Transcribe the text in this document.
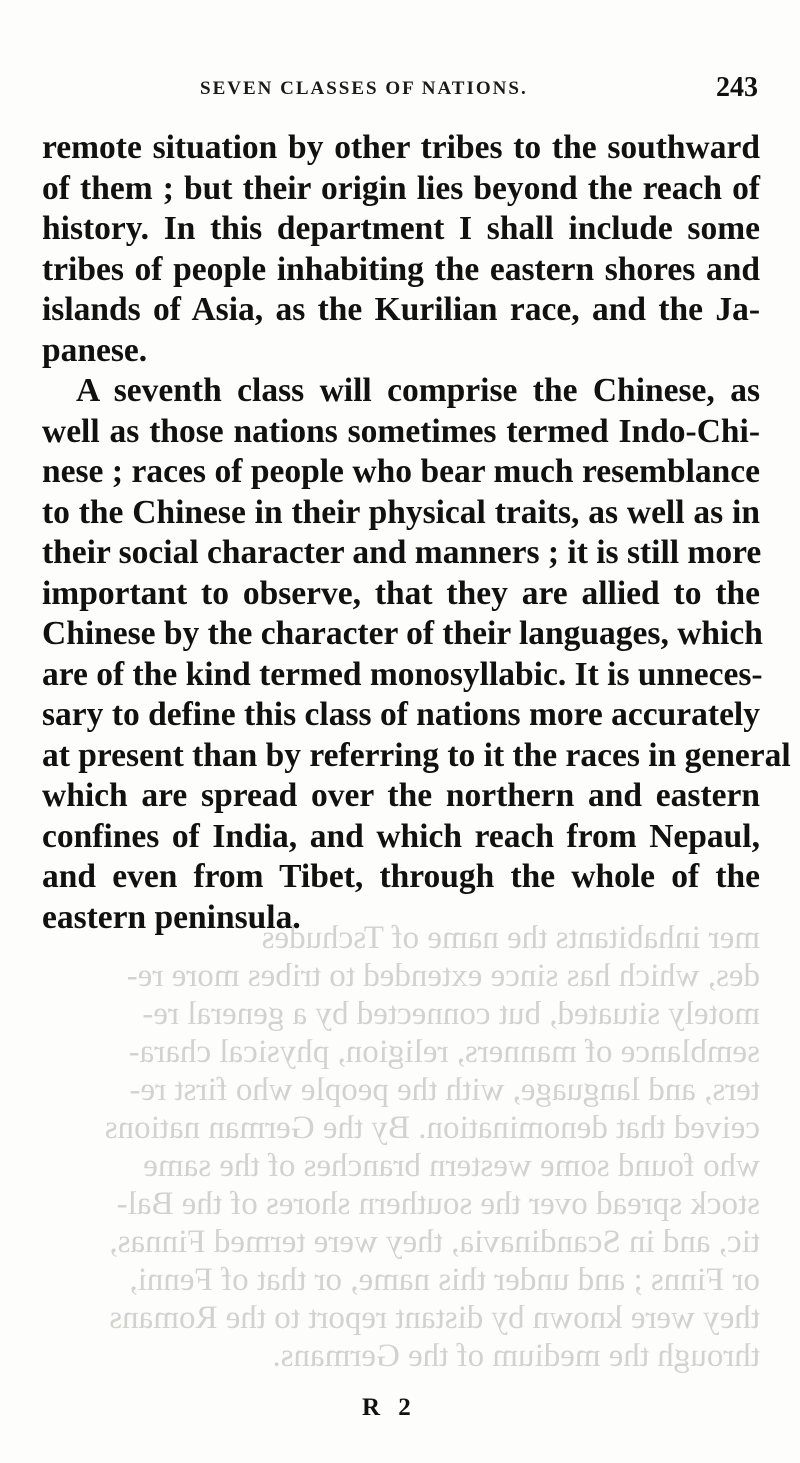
mer inhabitants the name of Tschudes
des, which has since extended to tribes more re-
motely situated, but connected by a general re-
semblance of manners, religion, physical chara-
ters, and language, with the people who first re-
ceived that denomination. By the German nations
who found some western branches of the same
stock spread over the southern shores of the Bal-
tic, and in Scandinavia, they were termed Finnas,
or Finns ; and under this name, or that of Fenni,
they were known by distant report to the Romans
through the medium of the Germans.
SEVEN CLASSES OF NATIONS.	243

remote situation by other tribes to the southward
of them ; but their origin lies beyond the reach of
history. In this department I shall include some
tribes of people inhabiting the eastern shores and
islands of Asia, as the Kurilian race, and the Ja-
panese.

A seventh class will comprise the Chinese, as
well as those nations sometimes termed Indo-Chi-
nese ; races of people who bear much resemblance
to the Chinese in their physical traits, as well as in
their social character and manners ; it is still more
important to observe, that they are allied to the
Chinese by the character of their languages, which
are of the kind termed monosyllabic. It is unneces-
sary to define this class of nations more accurately
at present than by referring to it the races in general
which are spread over the northern and eastern
confines of India, and which reach from Nepaul,
and even from Tibet, through the whole of the
eastern peninsula.

R 2
